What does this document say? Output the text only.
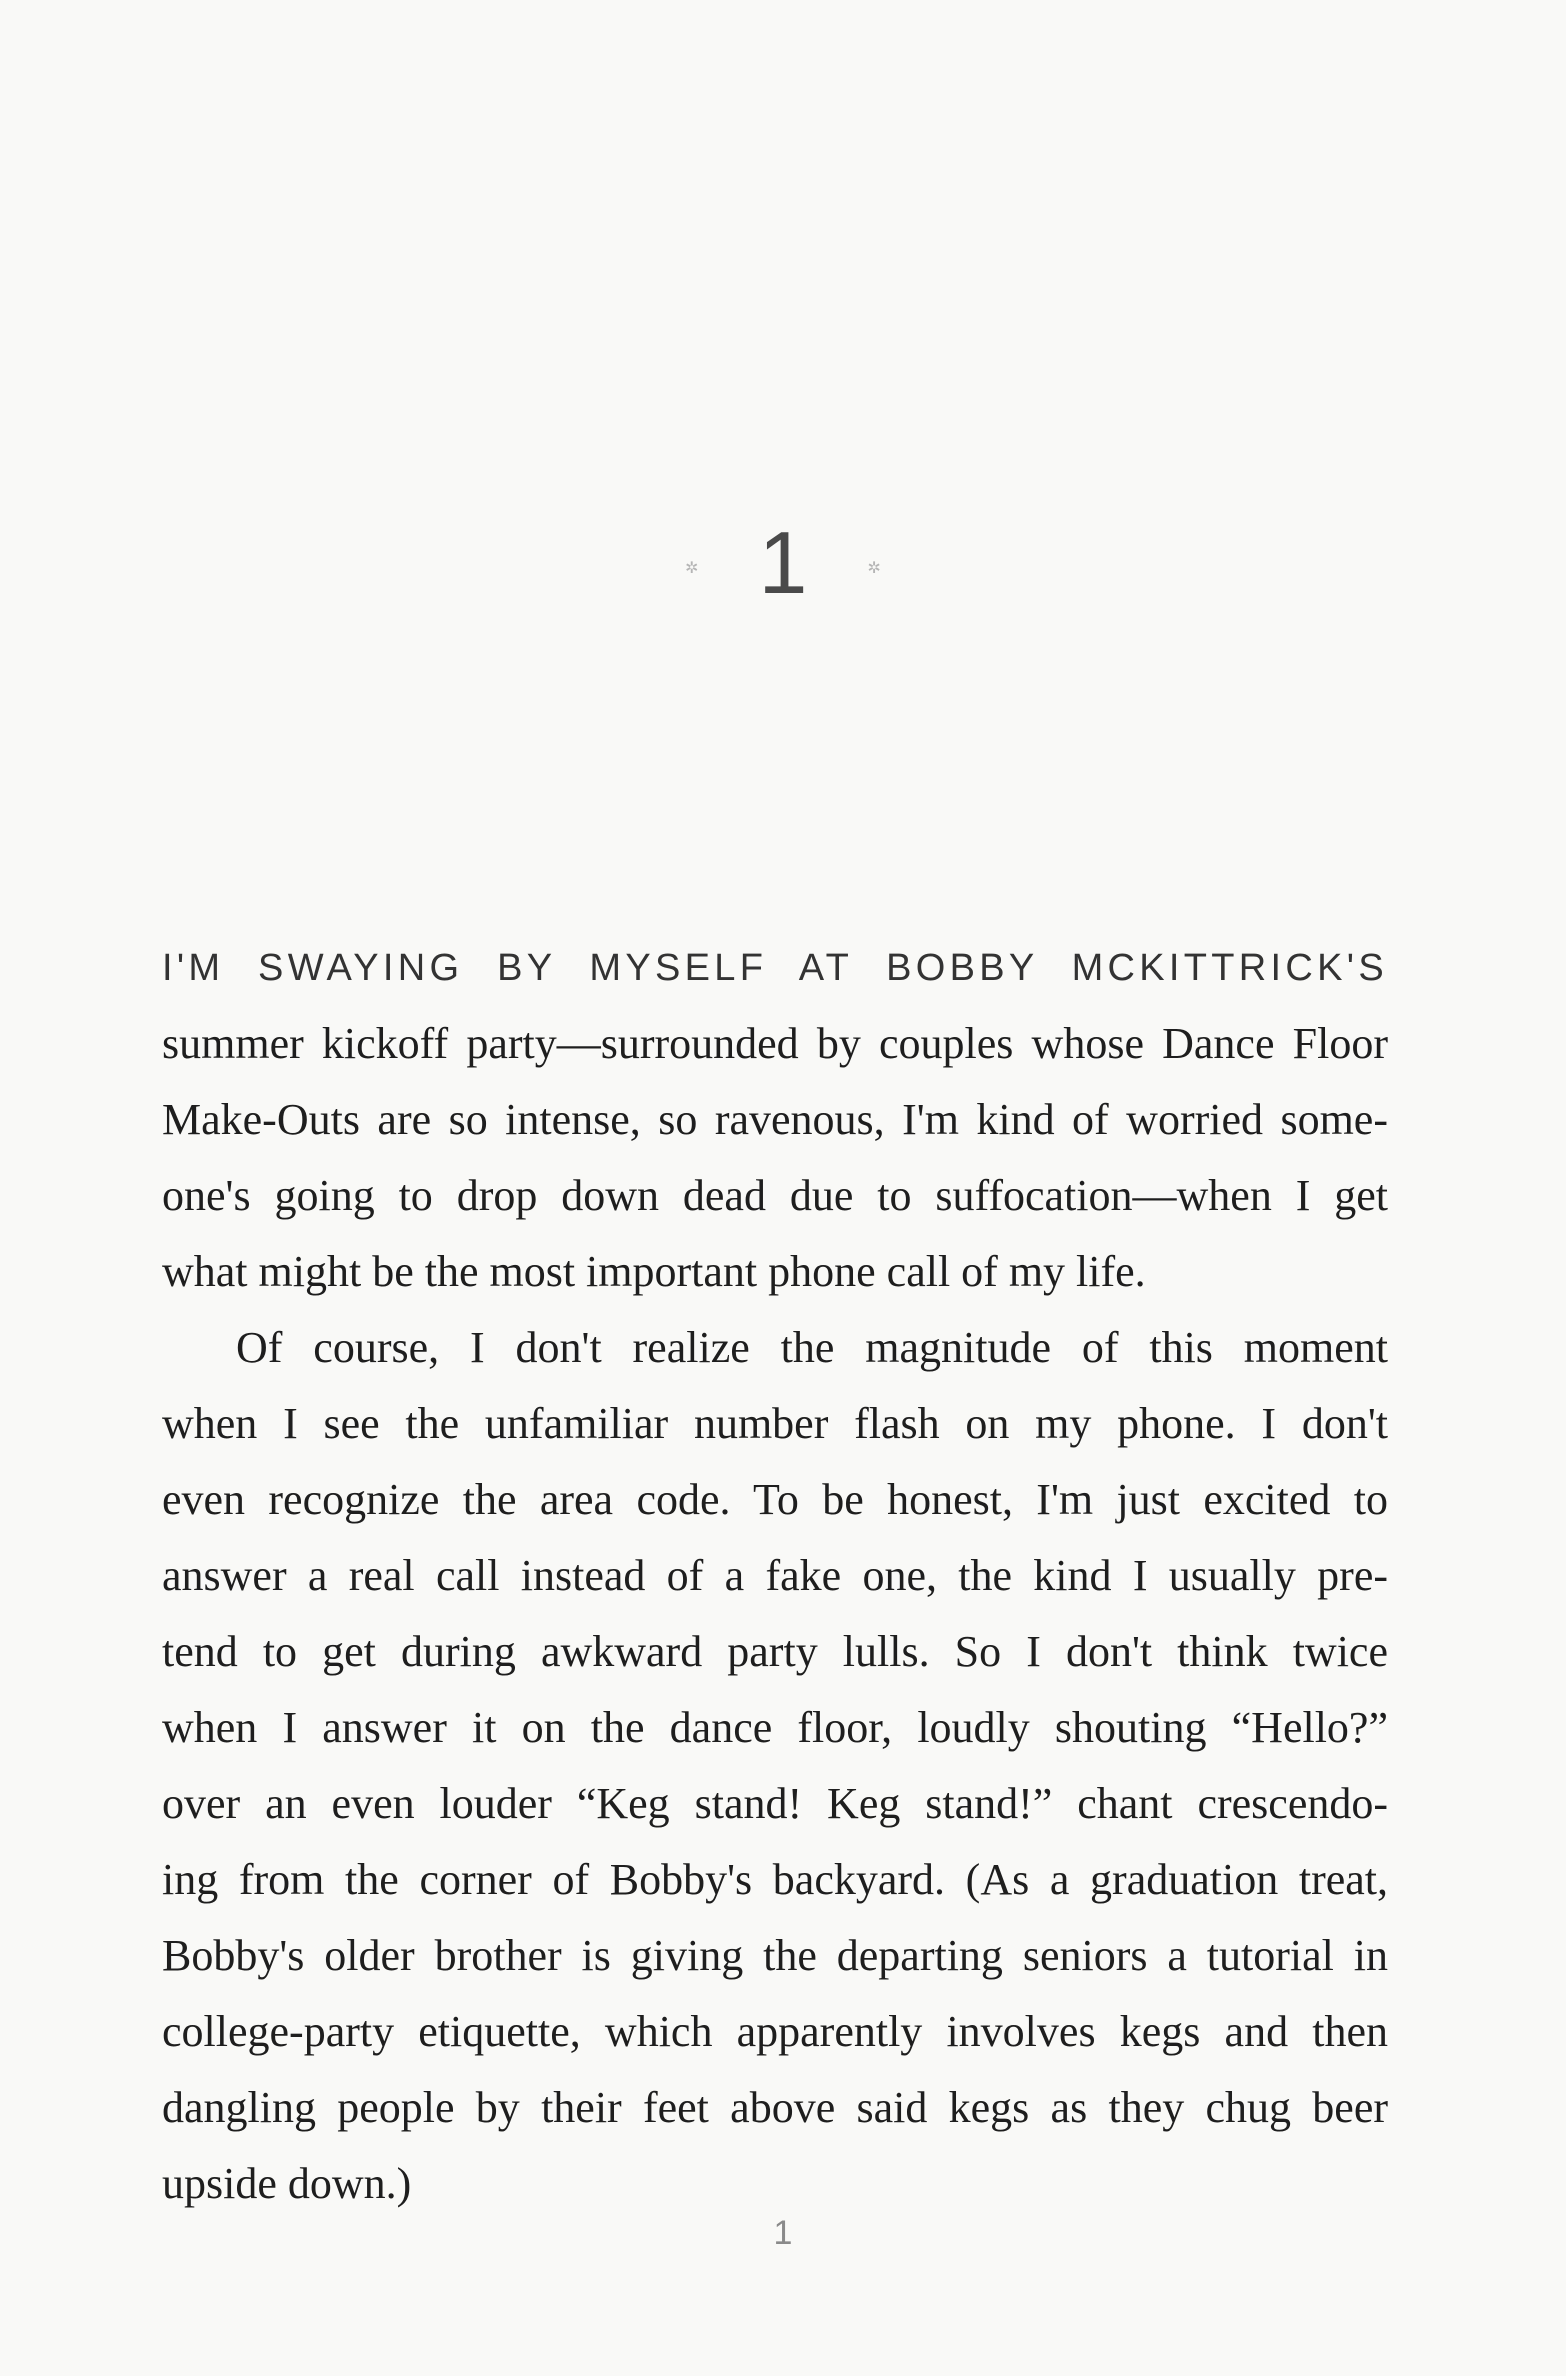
✲ 1	✲

I'M SWAYING BY MYSELF AT BOBBY MCKITTRICK'S

summer kickoff party—surrounded by couples whose Dance Floor

Make-Outs are so intense, so ravenous, I'm kind of worried some-

one's going to drop down dead due to suffocation—when I get

what might be the most important phone call of my life.

Of course, I don't realize the magnitude of this moment

when I see the unfamiliar number flash on my phone. I don't

even recognize the area code. To be honest, I'm just excited to

answer a real call instead of a fake one, the kind I usually pre-

tend to get during awkward party lulls. So I don't think twice

when I answer it on the dance floor, loudly shouting “Hello?”

over an even louder “Keg stand! Keg stand!” chant crescendo-

ing from the corner of Bobby's backyard. (As a graduation treat,

Bobby's older brother is giving the departing seniors a tutorial in

college-party etiquette, which apparently involves kegs and then

dangling people by their feet above said kegs as they chug beer

upside down.)

1
